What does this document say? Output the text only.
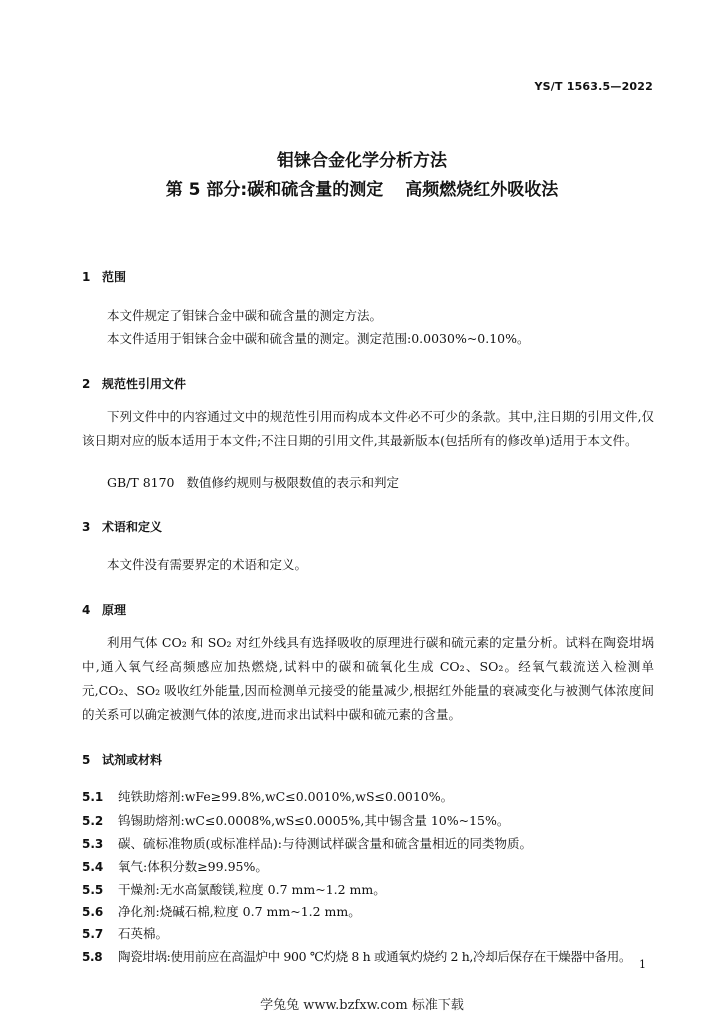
YS/T 1563.5—2022
钼铼合金化学分析方法
第 5 部分:碳和硫含量的测定 高频燃烧红外吸收法
1 范围
本文件规定了钼铼合金中碳和硫含量的测定方法。
本文件适用于钼铼合金中碳和硫含量的测定。测定范围:0.0030%~0.10%。
2 规范性引用文件
下列文件中的内容通过文中的规范性引用而构成本文件必不可少的条款。其中,注日期的引用文件,仅该日期对应的版本适用于本文件;不注日期的引用文件,其最新版本(包括所有的修改单)适用于本文件。
GB/T 8170 数值修约规则与极限数值的表示和判定
3 术语和定义
本文件没有需要界定的术语和定义。
4 原理
利用气体 CO₂ 和 SO₂ 对红外线具有选择吸收的原理进行碳和硫元素的定量分析。试料在陶瓷坩埚中,通入氧气经高频感应加热燃烧,试料中的碳和硫氧化生成 CO₂、SO₂。经氧气载流送入检测单元,CO₂、SO₂ 吸收红外能量,因而检测单元接受的能量减少,根据红外能量的衰减变化与被测气体浓度间的关系可以确定被测气体的浓度,进而求出试料中碳和硫元素的含量。
5 试剂或材料
5.1 纯铁助熔剂:wFe≥99.8%,wC≤0.0010%,wS≤0.0010%。
5.2 钨锡助熔剂:wC≤0.0008%,wS≤0.0005%,其中锡含量 10%~15%。
5.3 碳、硫标准物质(或标准样品):与待测试样碳含量和硫含量相近的同类物质。
5.4 氧气:体积分数≥99.95%。
5.5 干燥剂:无水高氯酸镁,粒度 0.7 mm~1.2 mm。
5.6 净化剂:烧碱石棉,粒度 0.7 mm~1.2 mm。
5.7 石英棉。
5.8 陶瓷坩埚:使用前应在高温炉中 900 ℃灼烧 8 h 或通氧灼烧约 2 h,冷却后保存在干燥器中备用。
1
学兔兔 www.bzfxw.com 标准下载
